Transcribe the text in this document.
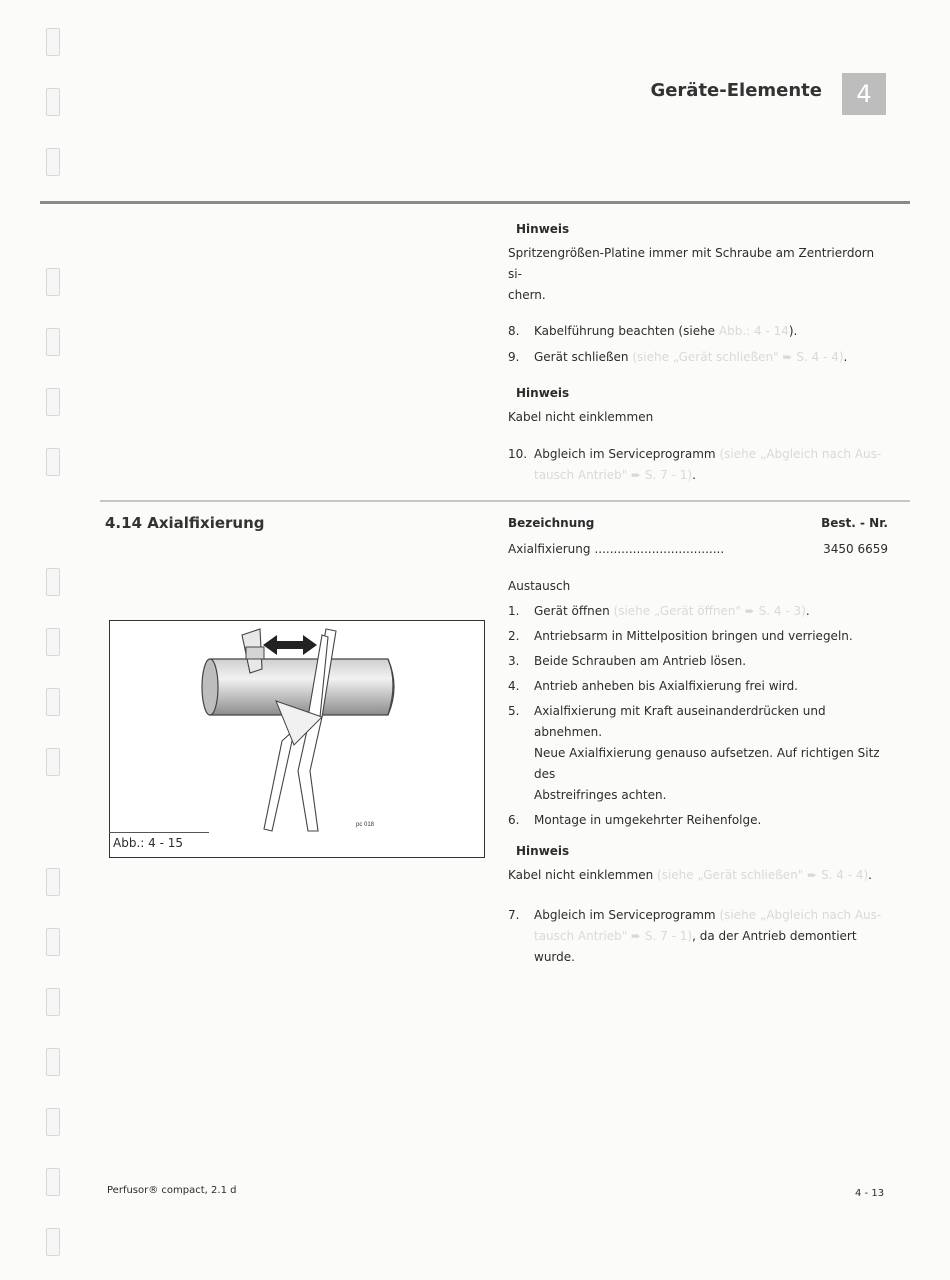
Geräte-Elemente	4
Hinweis
Spritzengrößen-Platine immer mit Schraube am Zentrierdorn si-
chern.
8. Kabelführung beachten (siehe Abb.: 4 - 14).
9. Gerät schließen (siehe „Gerät schließen" ➨ S. 4 - 4).
Hinweis
Kabel nicht einklemmen
10. Abgleich im Serviceprogramm (siehe „Abgleich nach Aus-
tausch Antrieb" ➨ S. 7 - 1).
4.14 Axialfixierung	Bezeichnung	Best. - Nr.
Axialfixierung ..................................	3450 6659
Austausch
1. Gerät öffnen (siehe „Gerät öffnen" ➨ S. 4 - 3).
2. Antriebsarm in Mittelposition bringen und verriegeln.
3. Beide Schrauben am Antrieb lösen.
4. Antrieb anheben bis Axialfixierung frei wird.
5. Axialfixierung mit Kraft auseinanderdrücken und abnehmen.
Neue Axialfixierung genauso aufsetzen. Auf richtigen Sitz des
Abstreifringes achten.
6. Montage in umgekehrter Reihenfolge.
Hinweis
Kabel nicht einklemmen (siehe „Gerät schließen" ➨ S. 4 - 4).
7. Abgleich im Serviceprogramm (siehe „Abgleich nach Aus-
tausch Antrieb" ➨ S. 7 - 1), da der Antrieb demontiert wurde.
pc 018
Abb.: 4 - 15
Perfusor® compact, 2.1 d	4 - 13
